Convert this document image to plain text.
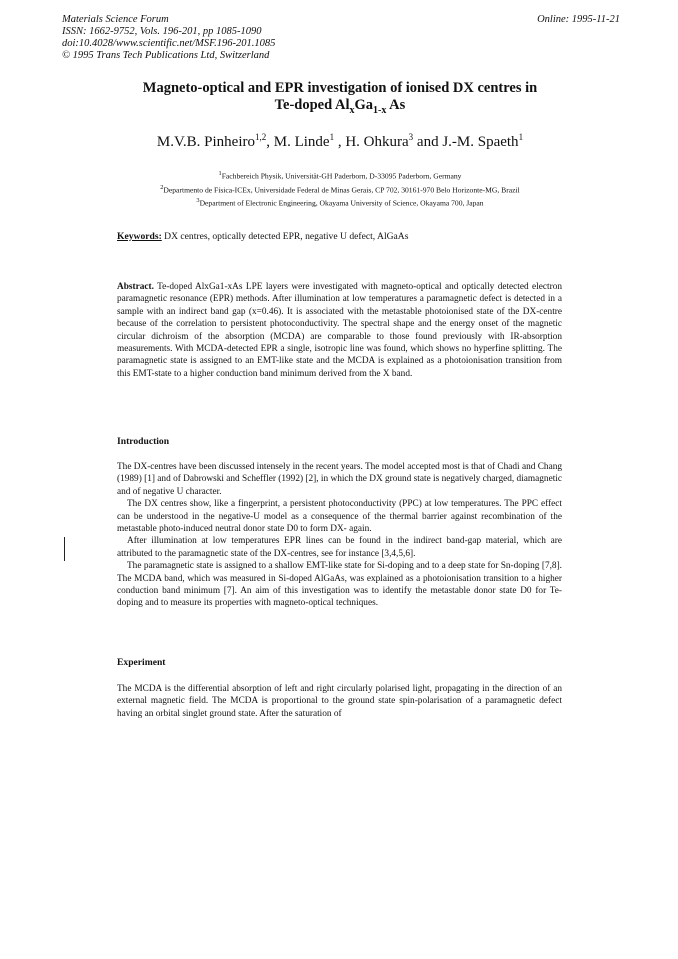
Materials Science Forum
ISSN: 1662-9752, Vols. 196-201, pp 1085-1090
doi:10.4028/www.scientific.net/MSF.196-201.1085
© 1995 Trans Tech Publications Ltd, Switzerland
Online: 1995-11-21
Magneto-optical and EPR investigation of ionised DX centres in
Te-doped $Al_xGa_{1-x}$ As
M.V.B. Pinheiro$^{1,2}$, M. Linde$^1$ , H. Ohkura$^3$ and J.-M. Spaeth$^1$
$^1$Fachbereich Physik, Universität-GH Paderborn, D-33095 Paderborn, Germany
$^2$Departmento de Física-ICEx, Universidade Federal de Minas Gerais, CP 702, 30161-970 Belo Horizonte-MG, Brazil
$^3$Department of Electronic Engineering, Okayama University of Science, Okayama 700, Japan
Keywords: DX centres, optically detected EPR, negative U defect, AlGaAs
Abstract. Te-doped AlxGa1-xAs LPE layers were investigated with magneto-optical and optically detected electron paramagnetic resonance (EPR) methods. After illumination at low temperatures a paramagnetic defect is detected in a sample with an indirect band gap (x=0.46). It is associated with the metastable photoionised state of the DX-centre because of the correlation to persistent photoconductivity. The spectral shape and the energy onset of the magnetic circular dichroism of the absorption (MCDA) are comparable to those found previously with IR-absorption measurements. With MCDA-detected EPR a single, isotropic line was found, which shows no hyperfine splitting. The paramagnetic state is assigned to an EMT-like state and the MCDA is explained as a photoionisation transition from this EMT-state to a higher conduction band minimum derived from the X band.
Introduction

The DX-centres have been discussed intensely in the recent years. The model accepted most is that of Chadi and Chang (1989) [1] and of Dabrowski and Scheffler (1992) [2], in which the DX ground state is negatively charged, diamagnetic and of negative U character.

The DX centres show, like a fingerprint, a persistent photoconductivity (PPC) at low temperatures. The PPC effect can be understood in the negative-U model as a consequence of the thermal barrier against recombination of the metastable photo-induced neutral donor state D0 to form DX- again.

After illumination at low temperatures EPR lines can be found in the indirect band-gap material, which are attributed to the paramagnetic state of the DX-centres, see for instance [3,4,5,6].

The paramagnetic state is assigned to a shallow EMT-like state for Si-doping and to a deep state for Sn-doping [7,8]. The MCDA band, which was measured in Si-doped AlGaAs, was explained as a photoionisation transition to a higher conduction band minimum [7]. An aim of this investigation was to identify the metastable donor state D0 for Te-doping and to measure its properties with magneto-optical techniques.

Experiment

The MCDA is the differential absorption of left and right circularly polarised light, propagating in the direction of an external magnetic field. The MCDA is proportional to the ground state spin-polarisation of a paramagnetic defect having an orbital singlet ground state. After the saturation of
